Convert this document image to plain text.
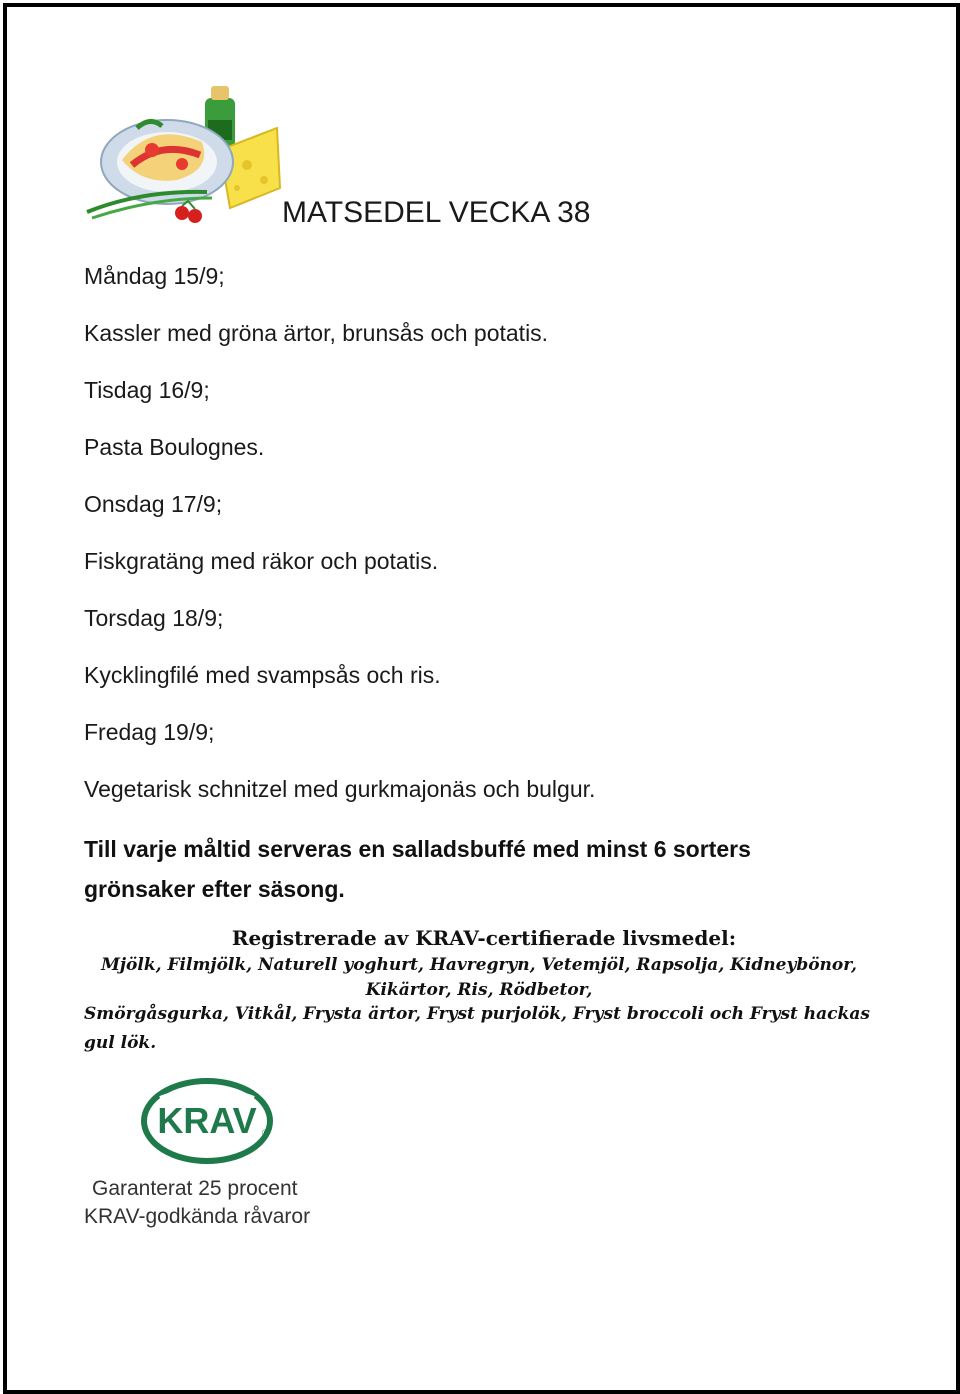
MATSEDEL VECKA 38
Måndag 15/9;
Kassler med gröna ärtor, brunsås och potatis.
Tisdag 16/9;
Pasta Boulognes.
Onsdag 17/9;
Fiskgratäng med räkor och potatis.
Torsdag 18/9;
Kycklingfilé med svampsås och ris.
Fredag 19/9;
Vegetarisk schnitzel med gurkmajonäs och bulgur.
Till varje måltid serveras en salladsbuffé med minst 6 sorters grönsaker efter säsong.
Registrerade av KRAV-certifierade livsmedel:
Mjölk, Filmjölk, Naturell yoghurt, Havregryn, Vetemjöl, Rapsolja, Kidneybönor,
Kikärtor, Ris, Rödbetor,
Smörgåsgurka, Vitkål, Frysta ärtor, Fryst purjolök, Fryst broccoli och Fryst hackas
gul lök.
KRAV ®
Garanterat 25 procent
KRAV-godkända råvaror
